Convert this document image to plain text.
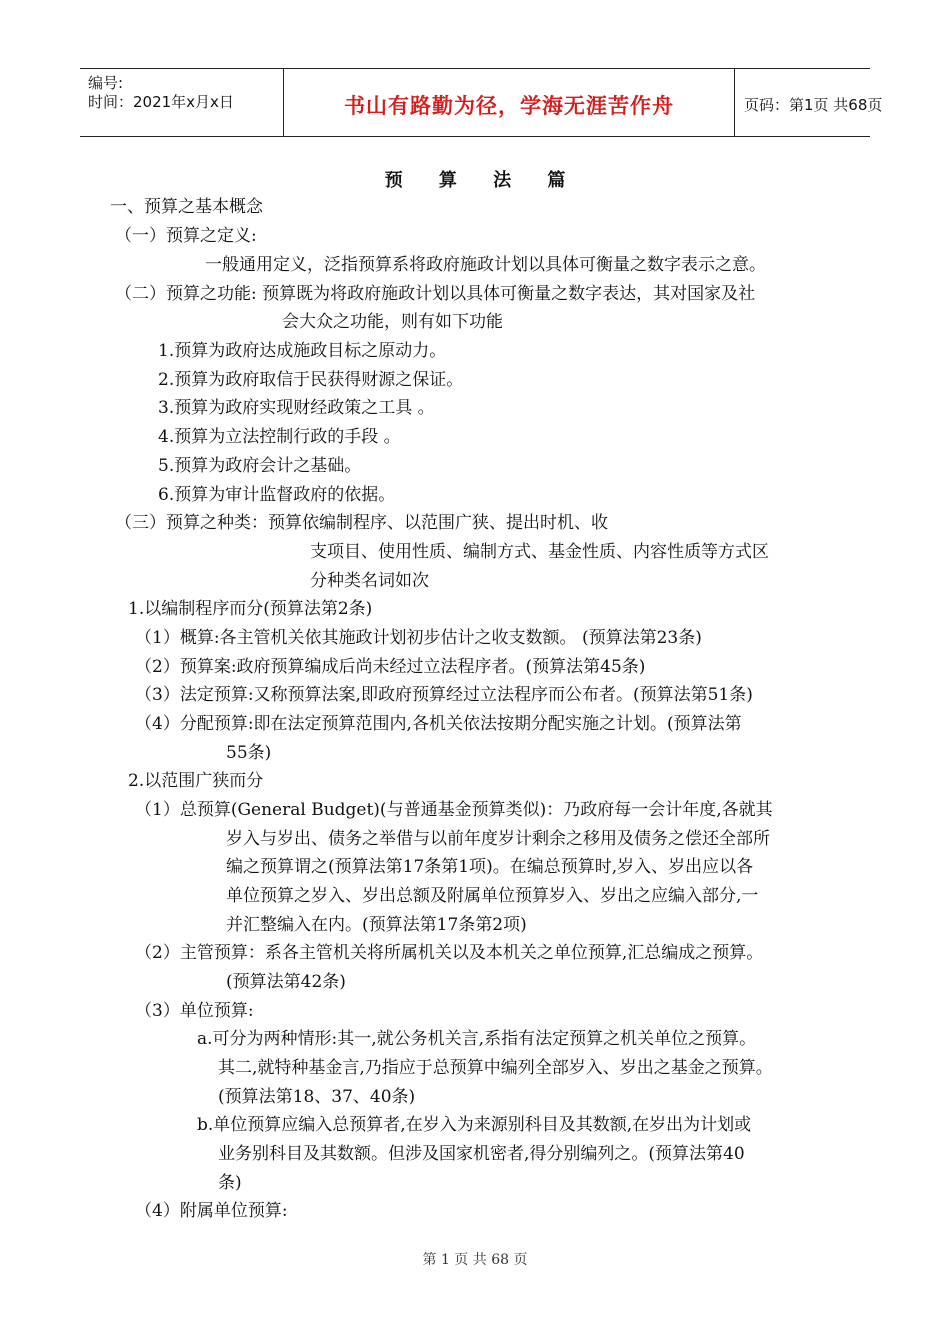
编号:
时间：2021年x月x日	书山有路勤为径，学海无涯苦作舟	页码：第1页 共68页
预 算 法 篇
一、预算之基本概念
（一）预算之定义:
一般通用定义，泛指预算系将政府施政计划以具体可衡量之数字表示之意。
（二）预算之功能: 预算既为将政府施政计划以具体可衡量之数字表达，其对国家及社
会大众之功能，则有如下功能
1.预算为政府达成施政目标之原动力。
2.预算为政府取信于民获得财源之保证。
3.预算为政府实现财经政策之工具 。
4.预算为立法控制行政的手段 。
5.预算为政府会计之基础。
6.预算为审计监督政府的依据。
（三）预算之种类：预算依编制程序、以范围广狭、提出时机、收
支项目、使用性质、编制方式、基金性质、内容性质等方式区
分种类名词如次
1.以编制程序而分(预算法第2条)
（1）概算:各主管机关依其施政计划初步估计之收支数额。 (预算法第23条)
（2）预算案:政府预算编成后尚未经过立法程序者。(预算法第45条)
（3）法定预算:又称预算法案,即政府预算经过立法程序而公布者。(预算法第51条)
（4）分配预算:即在法定预算范围内,各机关依法按期分配实施之计划。(预算法第
55条)
2.以范围广狭而分
（1）总预算(General Budget)(与普通基金预算类似)：乃政府每一会计年度,各就其
岁入与岁出、债务之举借与以前年度岁计剩余之移用及债务之偿还全部所
编之预算谓之(预算法第17条第1项)。在编总预算时,岁入、岁出应以各
单位预算之岁入、岁出总额及附属单位预算岁入、岁出之应编入部分,一
并汇整编入在内。(预算法第17条第2项)
（2）主管预算：系各主管机关将所属机关以及本机关之单位预算,汇总编成之预算。
(预算法第42条)
（3）单位预算:
a.可分为两种情形:其一,就公务机关言,系指有法定预算之机关单位之预算。
其二,就特种基金言,乃指应于总预算中编列全部岁入、岁出之基金之预算。
(预算法第18、37、40条)
b.单位预算应编入总预算者,在岁入为来源别科目及其数额,在岁出为计划或
业务别科目及其数额。但涉及国家机密者,得分别编列之。(预算法第40
条)
（4）附属单位预算:
第 1 页 共 68 页
